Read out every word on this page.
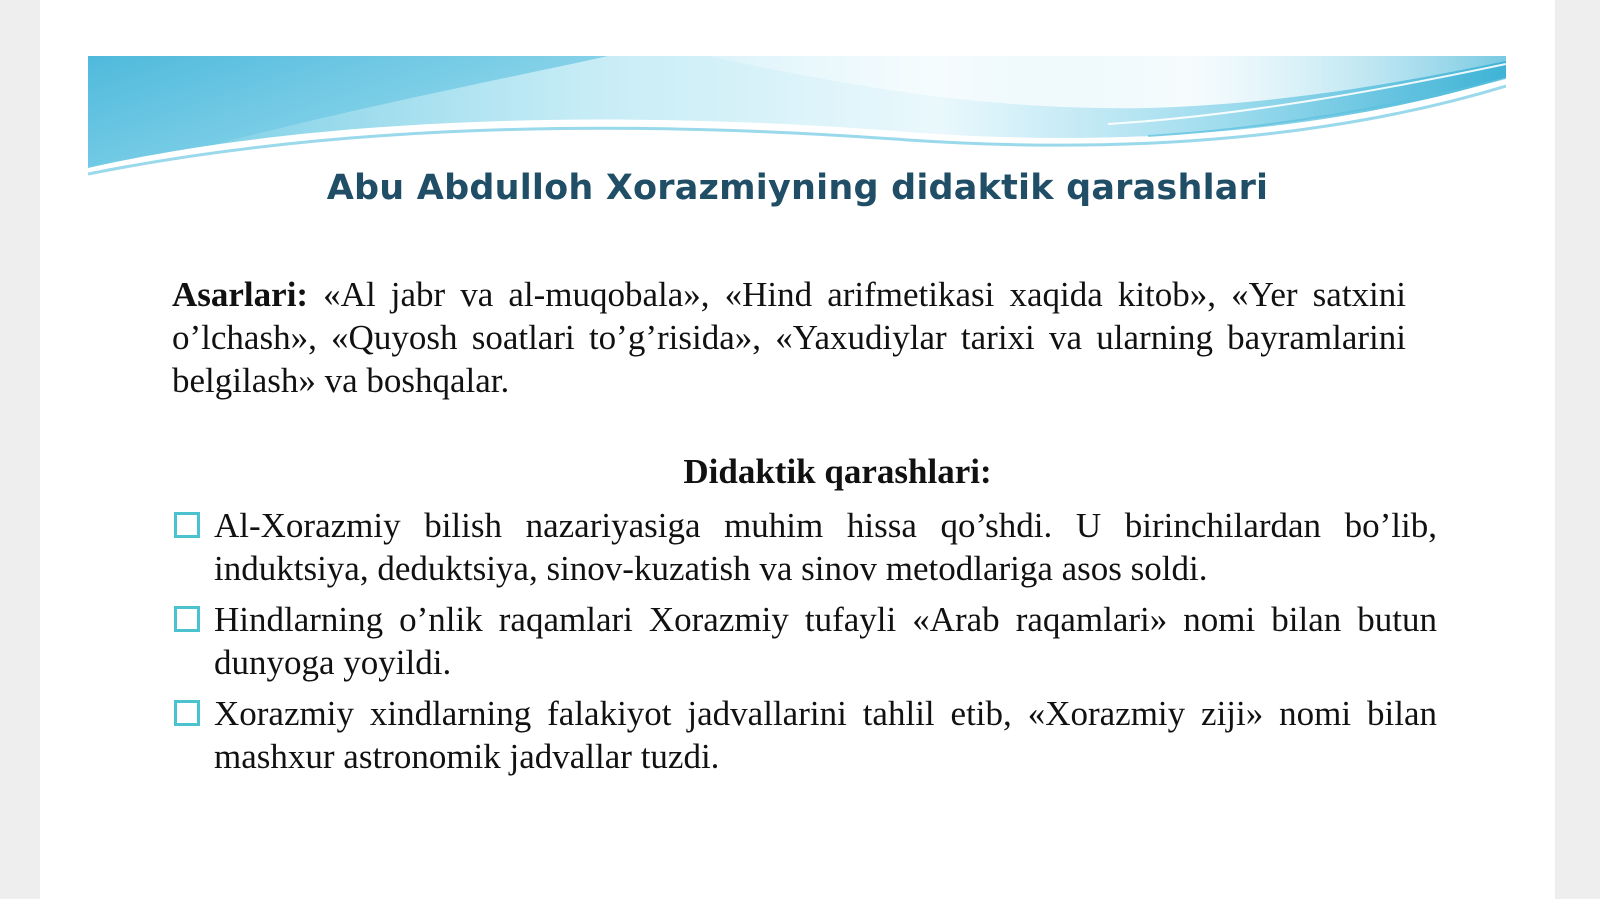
Abu Abdulloh Xorazmiyning didaktik qarashlari

Asarlari: «Al jabr va al-muqobala», «Hind arifmetikasi xaqida kitob», «Yer satxini o’lchash», «Quyosh soatlari to’g’risida», «Yaxudiylar tarixi va ularning bayramlarini belgilash» va boshqalar.

Didaktik qarashlari:
Al-Xorazmiy bilish nazariyasiga muhim hissa qo’shdi. U birinchilardan bo’lib, induktsiya, deduktsiya, sinov-kuzatish va sinov metodlariga asos soldi.
Hindlarning o’nlik raqamlari Xorazmiy tufayli «Arab raqamlari» nomi bilan butun dunyoga yoyildi.
Xorazmiy xindlarning falakiyot jadvallarini tahlil etib, «Xorazmiy ziji» nomi bilan mashxur astronomik jadvallar tuzdi.
